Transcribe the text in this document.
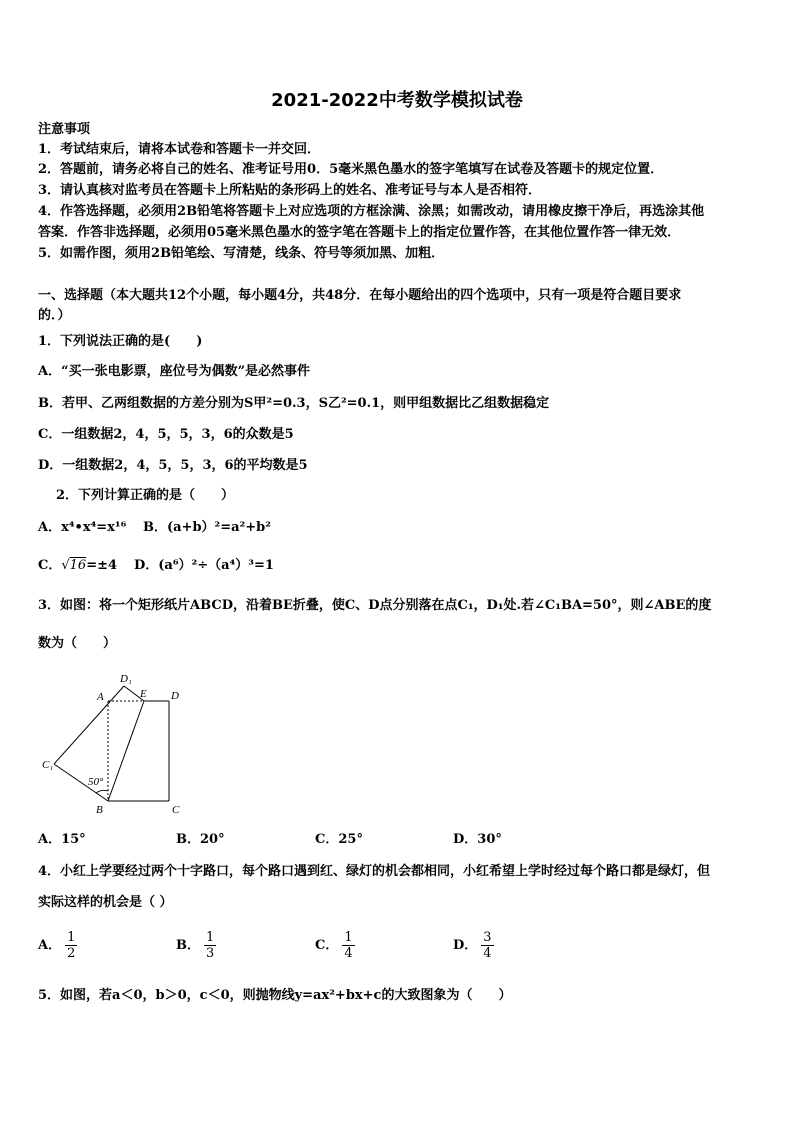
2021-2022中考数学模拟试卷
注意事项
1．考试结束后，请将本试卷和答题卡一并交回．
2．答题前，请务必将自己的姓名、准考证号用0．5毫米黑色墨水的签字笔填写在试卷及答题卡的规定位置．
3．请认真核对监考员在答题卡上所粘贴的条形码上的姓名、准考证号与本人是否相符．
4．作答选择题，必须用2B铅笔将答题卡上对应选项的方框涂满、涂黑；如需改动，请用橡皮擦干净后，再选涂其他
答案．作答非选择题，必须用05毫米黑色墨水的签字笔在答题卡上的指定位置作答，在其他位置作答一律无效．
5．如需作图，须用2B铅笔绘、写清楚，线条、符号等须加黑、加粗．
一、选择题（本大题共12个小题，每小题4分，共48分．在每小题给出的四个选项中，只有一项是符合题目要求
的．）
1．下列说法正确的是(　　)
A．“买一张电影票，座位号为偶数”是必然事件
B．若甲、乙两组数据的方差分别为S甲²=0.3，S乙²=0.1，则甲组数据比乙组数据稳定
C．一组数据2，4，5，5，3，6的众数是5
D．一组数据2，4，5，5，3，6的平均数是5
2．下列计算正确的是（　　）
A．x⁴•x⁴=x¹⁶ B．(a+b）²=a²+b²
C．√16=±4 D．(a⁶）²÷（a⁴）³=1
3．如图：将一个矩形纸片ABCD，沿着BE折叠，使C、D点分别落在点C₁，D₁处.若∠C₁BA=50°，则∠ABE的度
数为（　　）
A
D₁
E D
C₁
50°
B	C
A．15°	B．20°	C．25°	D．30°
4．小红上学要经过两个十字路口，每个路口遇到红、绿灯的机会都相同，小红希望上学时经过每个路口都是绿灯，但
实际这样的机会是（ ）
A． $\frac{1}{2}$	B． $\frac{1}{3}$	C． $\frac{1}{4}$	D． $\frac{3}{4}$
5．如图，若a＜0，b＞0，c＜0，则抛物线y=ax²+bx+c的大致图象为（　　）
